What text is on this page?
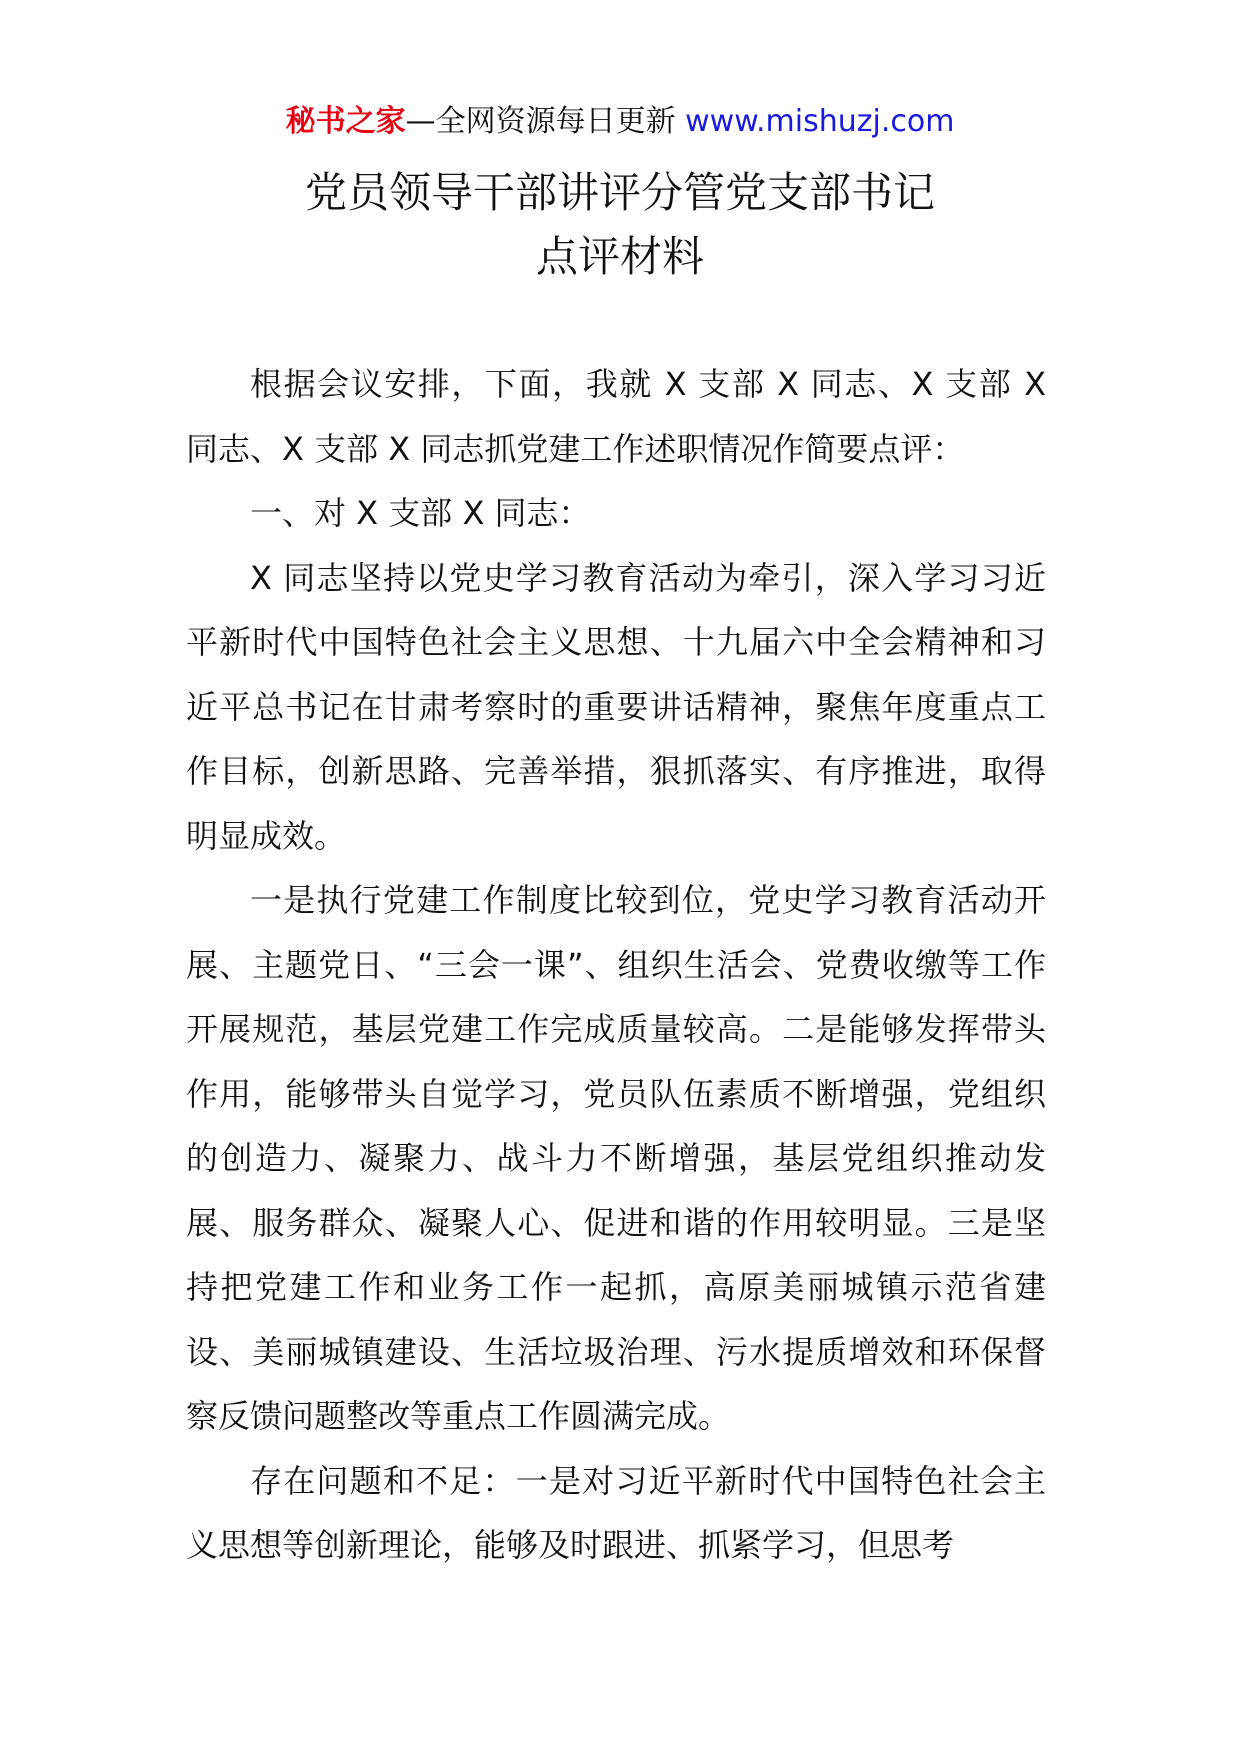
秘书之家—全网资源每日更新 www.mishuzj.com
党员领导干部讲评分管党支部书记
点评材料

根据会议安排，下面，我就 X 支部 X 同志、X 支部 X 同志、X 支部 X 同志抓党建工作述职情况作简要点评：

一、对 X 支部 X 同志：

X 同志坚持以党史学习教育活动为牵引，深入学习习近平新时代中国特色社会主义思想、十九届六中全会精神和习近平总书记在甘肃考察时的重要讲话精神，聚焦年度重点工作目标，创新思路、完善举措，狠抓落实、有序推进，取得明显成效。

一是执行党建工作制度比较到位，党史学习教育活动开展、主题党日、“三会一课”、组织生活会、党费收缴等工作开展规范，基层党建工作完成质量较高。二是能够发挥带头作用，能够带头自觉学习，党员队伍素质不断增强，党组织的创造力、凝聚力、战斗力不断增强，基层党组织推动发展、服务群众、凝聚人心、促进和谐的作用较明显。三是坚持把党建工作和业务工作一起抓，高原美丽城镇示范省建设、美丽城镇建设、生活垃圾治理、污水提质增效和环保督察反馈问题整改等重点工作圆满完成。

存在问题和不足：一是对习近平新时代中国特色社会主义思想等创新理论，能够及时跟进、抓紧学习，但思考
